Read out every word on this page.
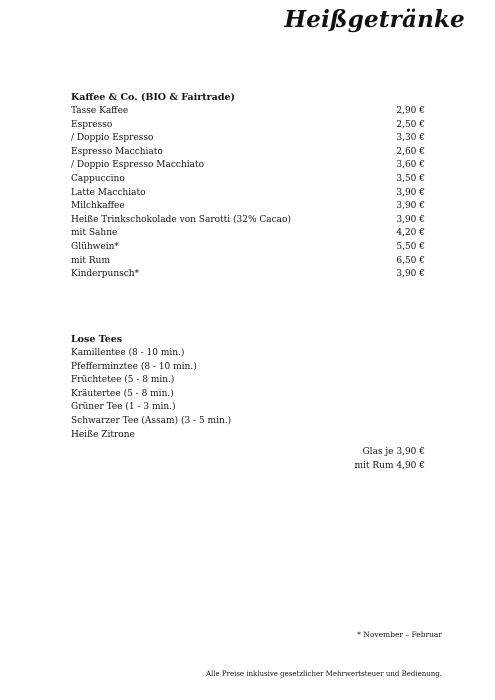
Heißgetränke
Kaffee & Co. (BIO & Fairtrade)
Tasse Kaffee	2,90 €
Espresso	2,50 €
/ Doppio Espresso	3,30 €
Espresso Macchiato	2,60 €
/ Doppio Espresso Macchiato	3,60 €
Cappuccino	3,50 €
Latte Macchiato	3,90 €
Milchkaffee	3,90 €
Heiße Trinkschokolade von Sarotti (32% Cacao)	3,90 €
mit Sahne	4,20 €
Glühwein*	5,50 €
mit Rum	6,50 €
Kinderpunsch*	3,90 €
Lose Tees
Kamillentee (8 - 10 min.)
Pfefferminztee (8 - 10 min.)
Früchtetee (5 - 8 min.)
Kräutertee (5 - 8 min.)
Grüner Tee (1 - 3 min.)
Schwarzer Tee (Assam) (3 - 5 min.)
Heiße Zitrone
Glas je 3,90 €
mit Rum 4,90 €
* November – Februar
Alle Preise inklusive gesetzlicher Mehrwertsteuer und Bedienung.
